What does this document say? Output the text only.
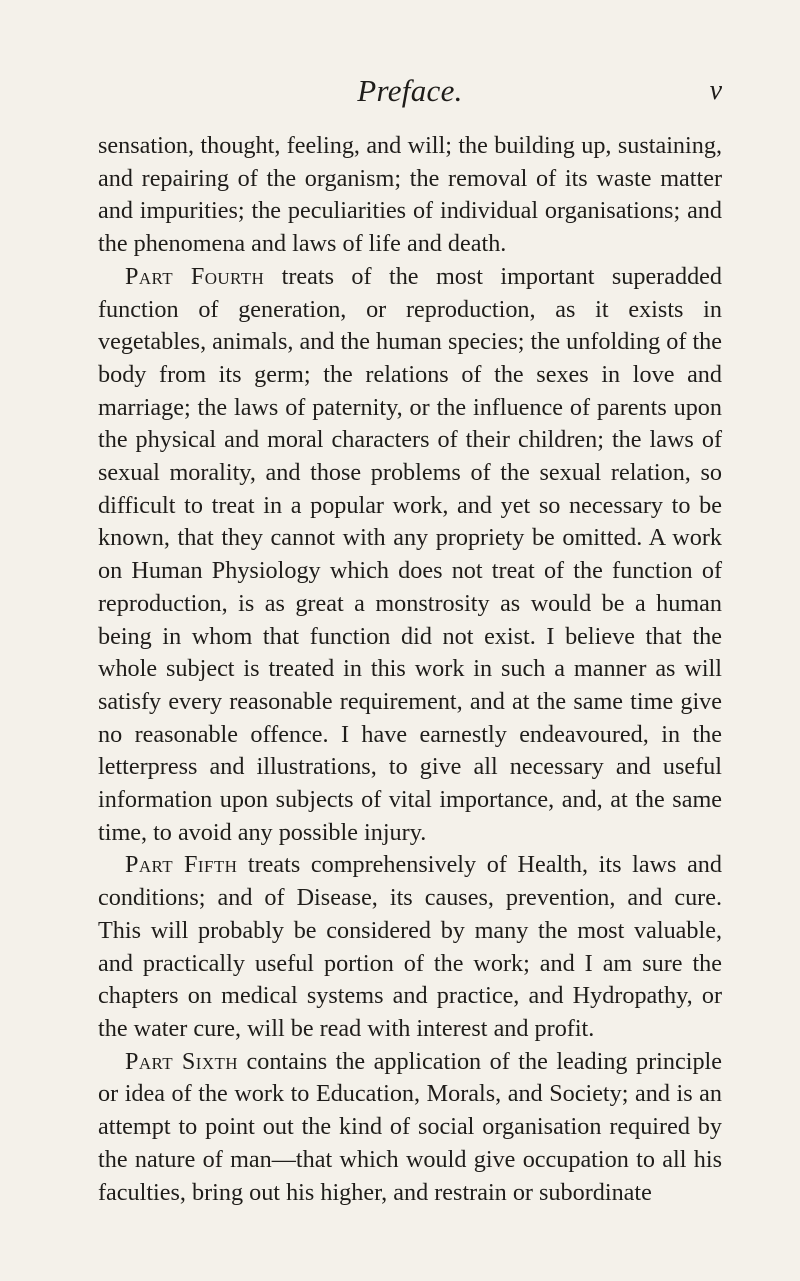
Preface.	v

sensation, thought, feeling, and will; the building up, sustaining, and repairing of the organism; the removal of its waste matter and impurities; the peculiarities of individual organisations; and the phenomena and laws of life and death.

Part Fourth treats of the most important superadded function of generation, or reproduction, as it exists in vegetables, animals, and the human species; the unfolding of the body from its germ; the relations of the sexes in love and marriage; the laws of paternity, or the influence of parents upon the physical and moral characters of their children; the laws of sexual morality, and those problems of the sexual relation, so difficult to treat in a popular work, and yet so necessary to be known, that they cannot with any propriety be omitted. A work on Human Physiology which does not treat of the function of reproduction, is as great a monstrosity as would be a human being in whom that function did not exist. I believe that the whole subject is treated in this work in such a manner as will satisfy every reasonable requirement, and at the same time give no reasonable offence. I have earnestly endeavoured, in the letterpress and illustrations, to give all necessary and useful information upon subjects of vital importance, and, at the same time, to avoid any possible injury.

Part Fifth treats comprehensively of Health, its laws and conditions; and of Disease, its causes, prevention, and cure. This will probably be considered by many the most valuable, and practically useful portion of the work; and I am sure the chapters on medical systems and practice, and Hydropathy, or the water cure, will be read with interest and profit.

Part Sixth contains the application of the leading principle or idea of the work to Education, Morals, and Society; and is an attempt to point out the kind of social organisation required by the nature of man—that which would give occupation to all his faculties, bring out his higher, and restrain or subordinate
